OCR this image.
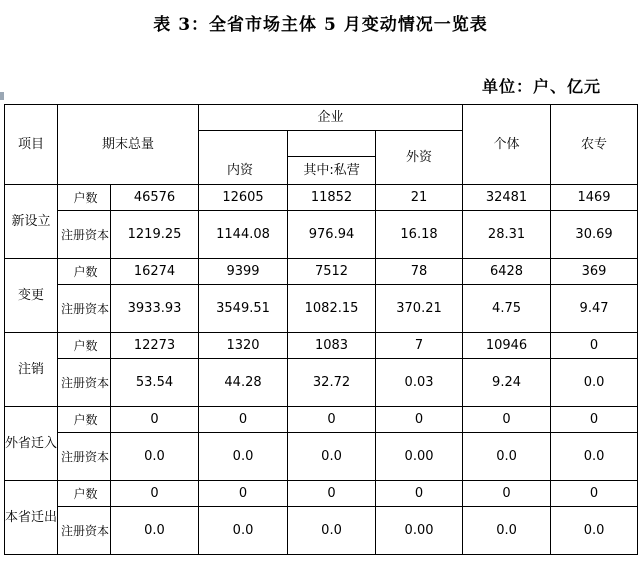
表 3：全省市场主体 5 月变动情况一览表
单位：户、亿元
项目	期末总量		企业			个体	农专
			内资		外资		
				其中:私营			
新设立	户数	46576	12605	11852	21	32481	1469
	注册资本	1219.25	1144.08	976.94	16.18	28.31	30.69
变更	户数	16274	9399	7512	78	6428	369
	注册资本	3933.93	3549.51	1082.15	370.21	4.75	9.47
注销	户数	12273	1320	1083	7	10946	0
	注册资本	53.54	44.28	32.72	0.03	9.24	0.0
外省迁入	户数	0	0	0	0	0	0
	注册资本	0.0	0.0	0.0	0.00	0.0	0.0
本省迁出	户数	0	0	0	0	0	0
	注册资本	0.0	0.0	0.0	0.00	0.0	0.0
